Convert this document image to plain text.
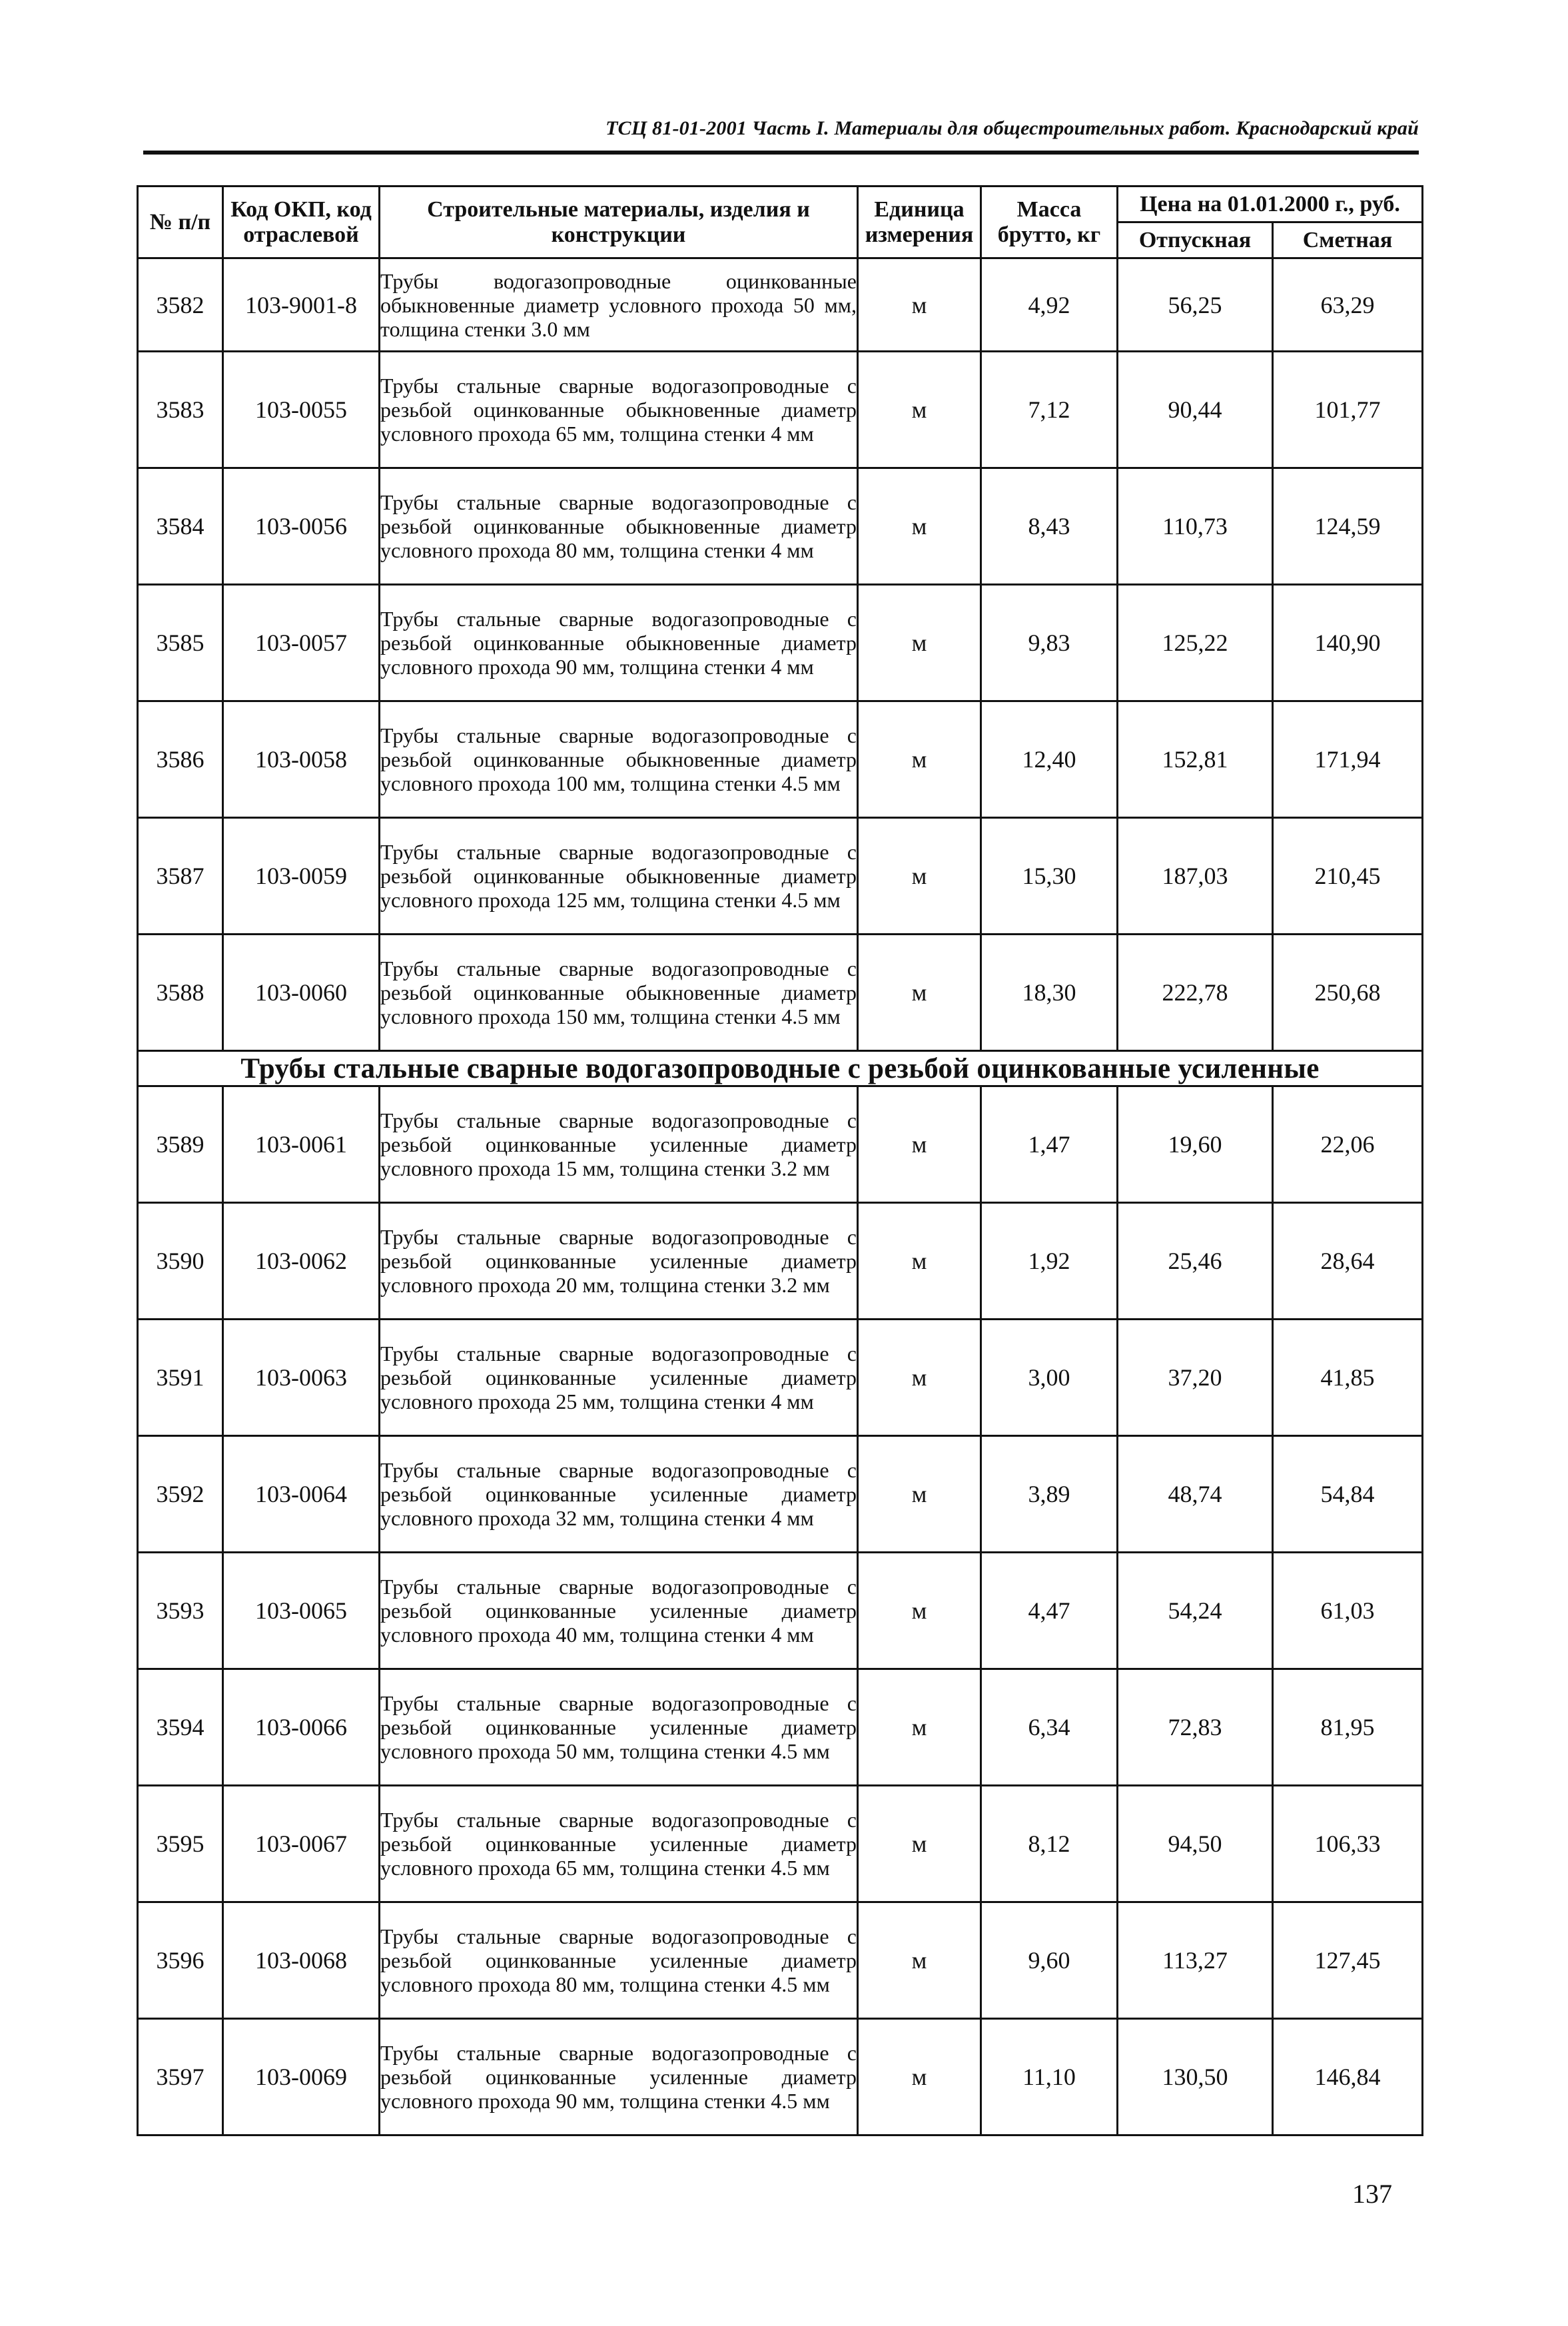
ТСЦ 81-01-2001 Часть I. Материалы для общестроительных работ. Краснодарский край
№ п/п	Код ОКП, код отраслевой	Строительные материалы, изделия и конструкции	Единица измерения	Масса брутто, кг	Цена на 01.01.2000 г., руб.	
					Отпускная	Сметная
3582	103-9001-8	Трубы водогазопроводные оцинкованные обыкновенные диаметр условного прохода 50 мм, толщина стенки 3.0 мм	м	4,92	56,25	63,29
3583	103-0055	Трубы стальные сварные водогазопроводные с резьбой оцинкованные обыкновенные диаметр условного прохода 65 мм, толщина стенки 4 мм	м	7,12	90,44	101,77
3584	103-0056	Трубы стальные сварные водогазопроводные с резьбой оцинкованные обыкновенные диаметр условного прохода 80 мм, толщина стенки 4 мм	м	8,43	110,73	124,59
3585	103-0057	Трубы стальные сварные водогазопроводные с резьбой оцинкованные обыкновенные диаметр условного прохода 90 мм, толщина стенки 4 мм	м	9,83	125,22	140,90
3586	103-0058	Трубы стальные сварные водогазопроводные с резьбой оцинкованные обыкновенные диаметр условного прохода 100 мм, толщина стенки 4.5 мм	м	12,40	152,81	171,94
3587	103-0059	Трубы стальные сварные водогазопроводные с резьбой оцинкованные обыкновенные диаметр условного прохода 125 мм, толщина стенки 4.5 мм	м	15,30	187,03	210,45
3588	103-0060	Трубы стальные сварные водогазопроводные с резьбой оцинкованные обыкновенные диаметр условного прохода 150 мм, толщина стенки 4.5 мм	м	18,30	222,78	250,68
Трубы стальные сварные водогазопроводные с резьбой оцинкованные усиленные						
3589	103-0061	Трубы стальные сварные водогазопроводные с резьбой оцинкованные усиленные диаметр условного прохода 15 мм, толщина стенки 3.2 мм	м	1,47	19,60	22,06
3590	103-0062	Трубы стальные сварные водогазопроводные с резьбой оцинкованные усиленные диаметр условного прохода 20 мм, толщина стенки 3.2 мм	м	1,92	25,46	28,64
3591	103-0063	Трубы стальные сварные водогазопроводные с резьбой оцинкованные усиленные диаметр условного прохода 25 мм, толщина стенки 4 мм	м	3,00	37,20	41,85
3592	103-0064	Трубы стальные сварные водогазопроводные с резьбой оцинкованные усиленные диаметр условного прохода 32 мм, толщина стенки 4 мм	м	3,89	48,74	54,84
3593	103-0065	Трубы стальные сварные водогазопроводные с резьбой оцинкованные усиленные диаметр условного прохода 40 мм, толщина стенки 4 мм	м	4,47	54,24	61,03
3594	103-0066	Трубы стальные сварные водогазопроводные с резьбой оцинкованные усиленные диаметр условного прохода 50 мм, толщина стенки 4.5 мм	м	6,34	72,83	81,95
3595	103-0067	Трубы стальные сварные водогазопроводные с резьбой оцинкованные усиленные диаметр условного прохода 65 мм, толщина стенки 4.5 мм	м	8,12	94,50	106,33
3596	103-0068	Трубы стальные сварные водогазопроводные с резьбой оцинкованные усиленные диаметр условного прохода 80 мм, толщина стенки 4.5 мм	м	9,60	113,27	127,45
3597	103-0069	Трубы стальные сварные водогазопроводные с резьбой оцинкованные усиленные диаметр условного прохода 90 мм, толщина стенки 4.5 мм	м	11,10	130,50	146,84
137
